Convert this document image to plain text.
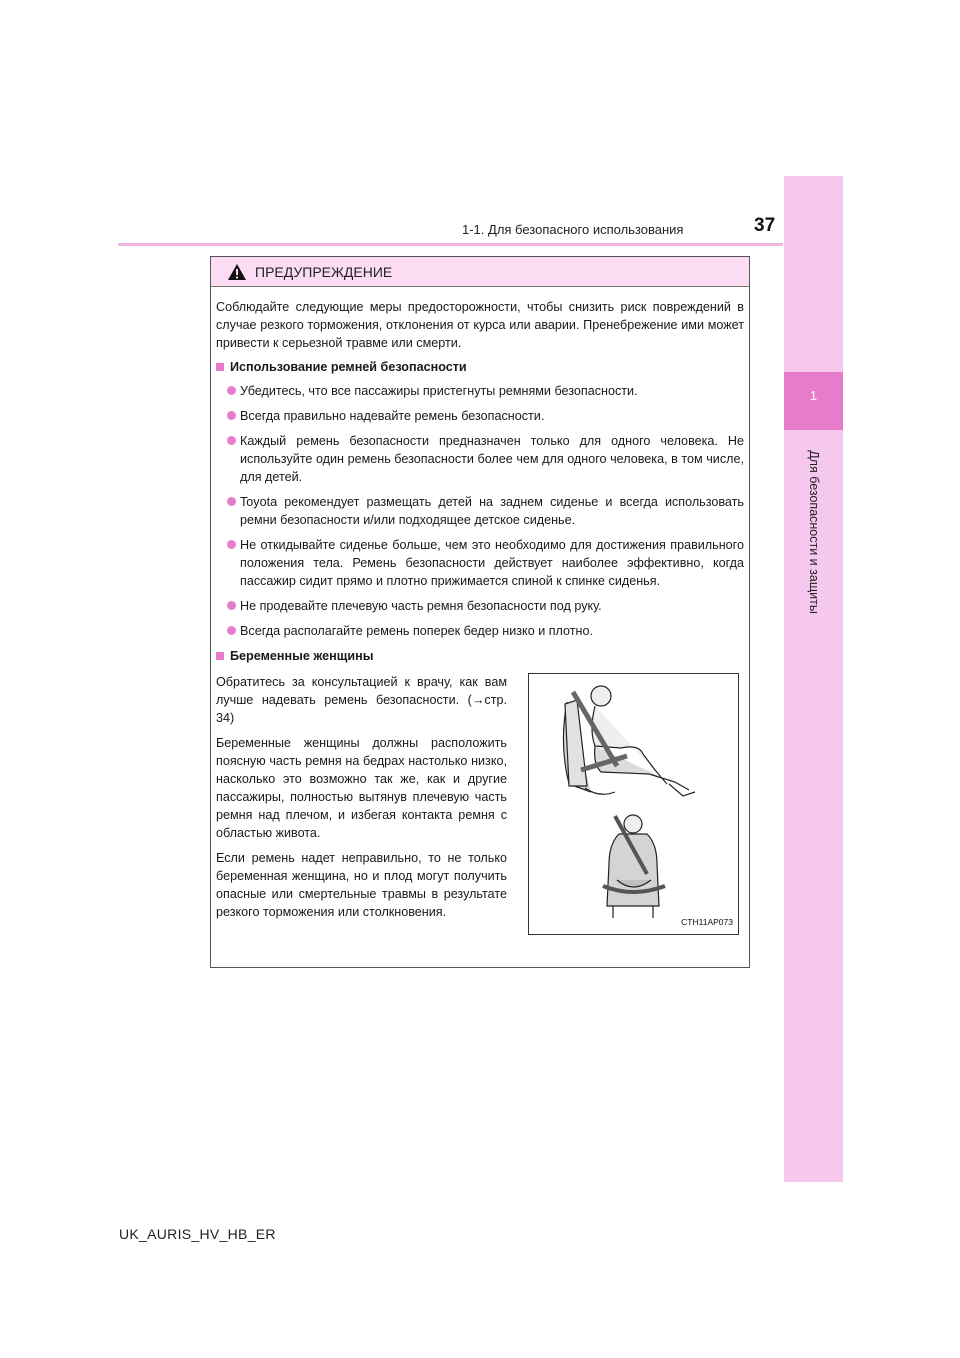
1-1. Для безопасного использования	37
1
Для безопасности и защиты
ПРЕДУПРЕЖДЕНИЕ

Соблюдайте следующие меры предосторожности, чтобы снизить риск повреждений в случае резкого торможения, отклонения от курса или аварии. Пренебрежение ими может привести к серьезной травме или смерти.

Использование ремней безопасности
Убедитесь, что все пассажиры пристегнуты ремнями безопасности.
Всегда правильно надевайте ремень безопасности.
Каждый ремень безопасности предназначен только для одного человека. Не используйте один ремень безопасности более чем для одного человека, в том числе, для детей.
Toyota рекомендует размещать детей на заднем сиденье и всегда использовать ремни безопасности и/или подходящее детское сиденье.
Не откидывайте сиденье больше, чем это необходимо для достижения правильного положения тела. Ремень безопасности действует наиболее эффективно, когда пассажир сидит прямо и плотно прижимается спиной к спинке сиденья.
Не продевайте плечевую часть ремня безопасности под руку.
Всегда располагайте ремень поперек бедер низко и плотно.
Беременные женщины

Обратитесь за консультацией к врачу, как вам лучше надевать ремень безопасности. (→стр. 34)

Беременные женщины должны расположить поясную часть ремня на бедрах настолько низко, насколько это возможно так же, как и другие пассажиры, полностью вытянув плечевую часть ремня над плечом, и избегая контакта ремня с областью живота.

Если ремень надет неправильно, то не только беременная женщина, но и плод могут получить опасные или смертельные травмы в результате резкого торможения или столкновения.

CTH11AP073
UK_AURIS_HV_HB_ER
